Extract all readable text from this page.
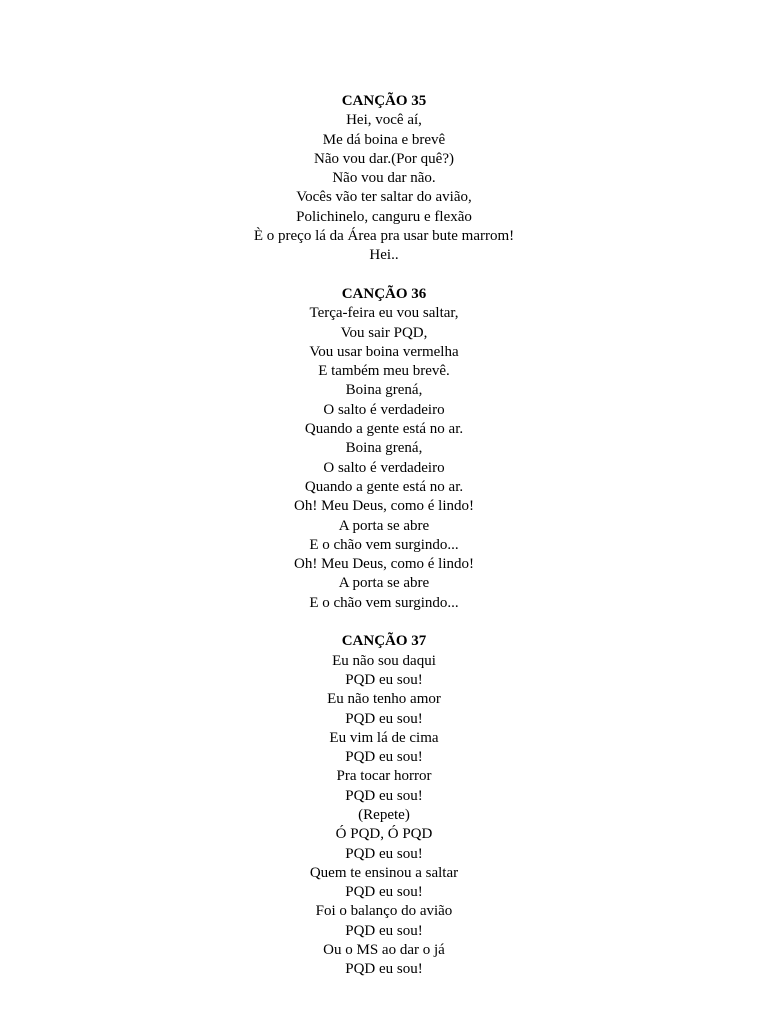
CANÇÃO 35
Hei, você aí,
Me dá boina e brevê
Não vou dar.(Por quê?)
Não vou dar não.
Vocês vão ter saltar do avião,
Polichinelo, canguru e flexão
È o preço lá da Área pra usar bute marrom!
Hei..
CANÇÃO 36
Terça-feira eu vou saltar,
Vou sair PQD,
Vou usar boina vermelha
E também meu brevê.
Boina grená,
O salto é verdadeiro
Quando a gente está no ar.
Boina grená,
O salto é verdadeiro
Quando a gente está no ar.
Oh! Meu Deus, como é lindo!
A porta se abre
E o chão vem surgindo...
Oh! Meu Deus, como é lindo!
A porta se abre
E o chão vem surgindo...
CANÇÃO 37
Eu não sou daqui
PQD eu sou!
Eu não tenho amor
PQD eu sou!
Eu vim lá de cima
PQD eu sou!
Pra tocar horror
PQD eu sou!
(Repete)
Ó PQD, Ó PQD
PQD eu sou!
Quem te ensinou a saltar
PQD eu sou!
Foi o balanço do avião
PQD eu sou!
Ou o MS ao dar o já
PQD eu sou!
